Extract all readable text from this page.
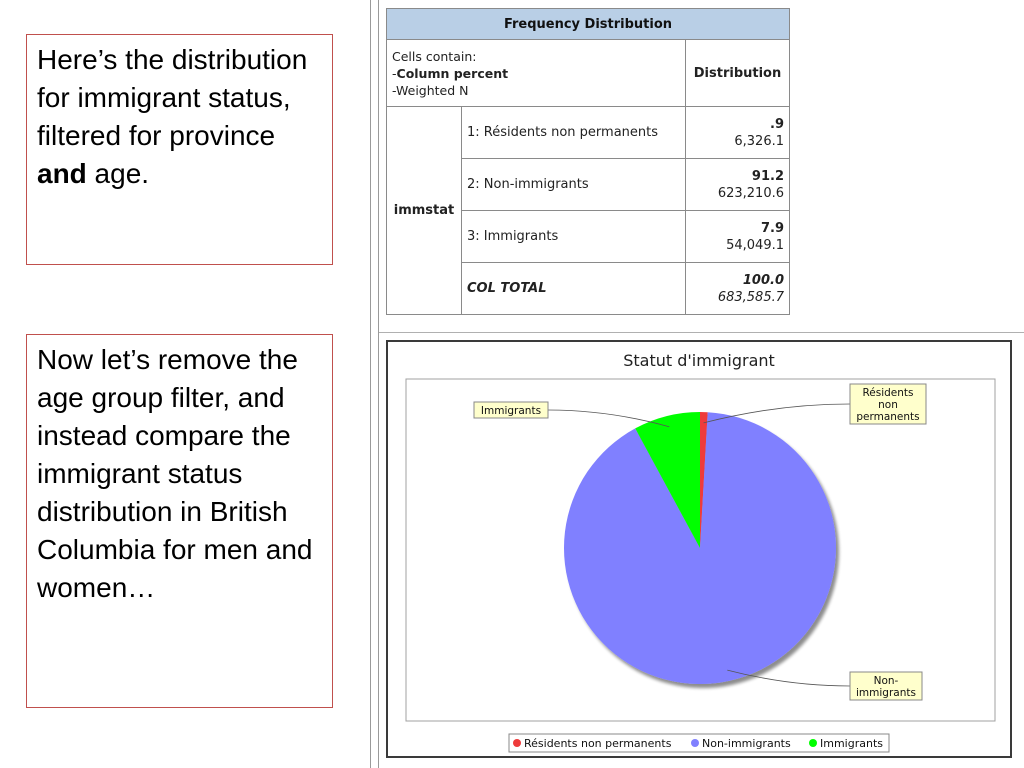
Here’s the distribution for immigrant status, filtered for province and age.
Now let’s remove the age group filter, and instead compare the immigrant status distribution in British Columbia for men and women…
Frequency Distribution		

Cells contain:
-Column percent
-Weighted N		Distribution
immstat	1: Résidents non permanents	.9
6,326.1

	2: Non-immigrants	91.2
623,210.6

	3: Immigrants	7.9
54,049.1

	COL TOTAL	100.0
683,585.7
Statut d'immigrant
Résidents
non
permanents
Non-
immigrants
Immigrants
Résidents non permanents	Non-immigrants	Immigrants
